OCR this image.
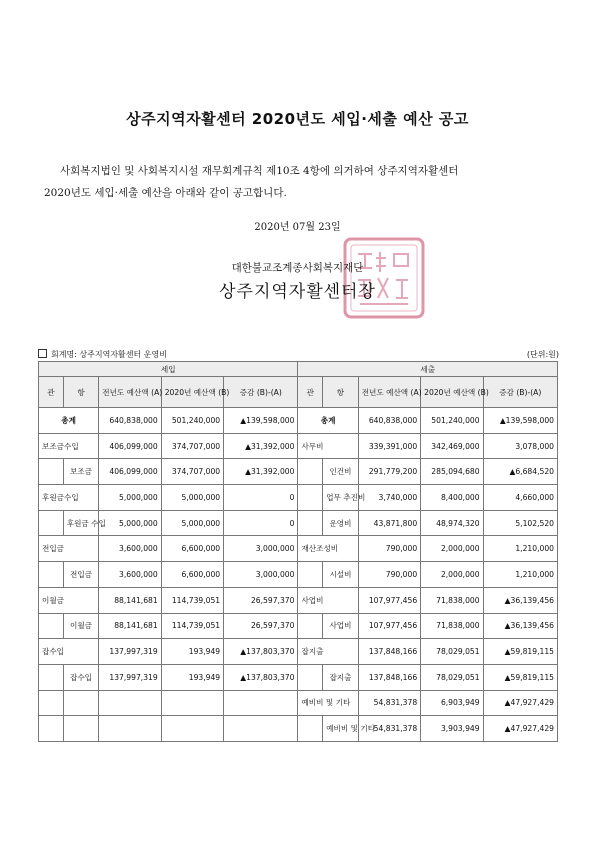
상주지역자활센터 2020년도 세입·세출 예산 공고
사회복지법인 및 사회복지시설 재무회계규칙 제10조 4항에 의거하여 상주지역자활센터
2020년도 세입·세출 예산을 아래와 같이 공고합니다.
2020년 07월 23일
대한불교조계종사회복지재단
상주지역자활센터장
회계명: 상주지역자활센터 운영비	(단위:원)
세입					세출				
관	항	전년도 예산액 (A)	2020년 예산액 (B)	증감 (B)-(A)	관	항	전년도 예산액 (A)	2020년 예산액 (B)	증감 (B)-(A)
총계		640,838,000	501,240,000	▲139,598,000	총계		640,838,000	501,240,000	▲139,598,000
보조금수입		406,099,000	374,707,000	▲31,392,000	사무비		339,391,000	342,469,000	3,078,000
	보조금	406,099,000	374,707,000	▲31,392,000		인건비	291,779,200	285,094,680	▲6,684,520
후원금수입		5,000,000	5,000,000	0		업무 추진비	3,740,000	8,400,000	4,660,000
	후원금 수입	5,000,000	5,000,000	0		운영비	43,871,800	48,974,320	5,102,520
전입금		3,600,000	6,600,000	3,000,000	재산조성비		790,000	2,000,000	1,210,000
	전입금	3,600,000	6,600,000	3,000,000		시설비	790,000	2,000,000	1,210,000
이월금		88,141,681	114,739,051	26,597,370	사업비		107,977,456	71,838,000	▲36,139,456
	이월금	88,141,681	114,739,051	26,597,370		사업비	107,977,456	71,838,000	▲36,139,456
잡수입		137,997,319	193,949	▲137,803,370	잡지출		137,848,166	78,029,051	▲59,819,115
	잡수입	137,997,319	193,949	▲137,803,370		잡지출	137,848,166	78,029,051	▲59,819,115
					예비비 및 기타		54,831,378	6,903,949	▲47,927,429
						예비비 및 기타	54,831,378	3,903,949	▲47,927,429
